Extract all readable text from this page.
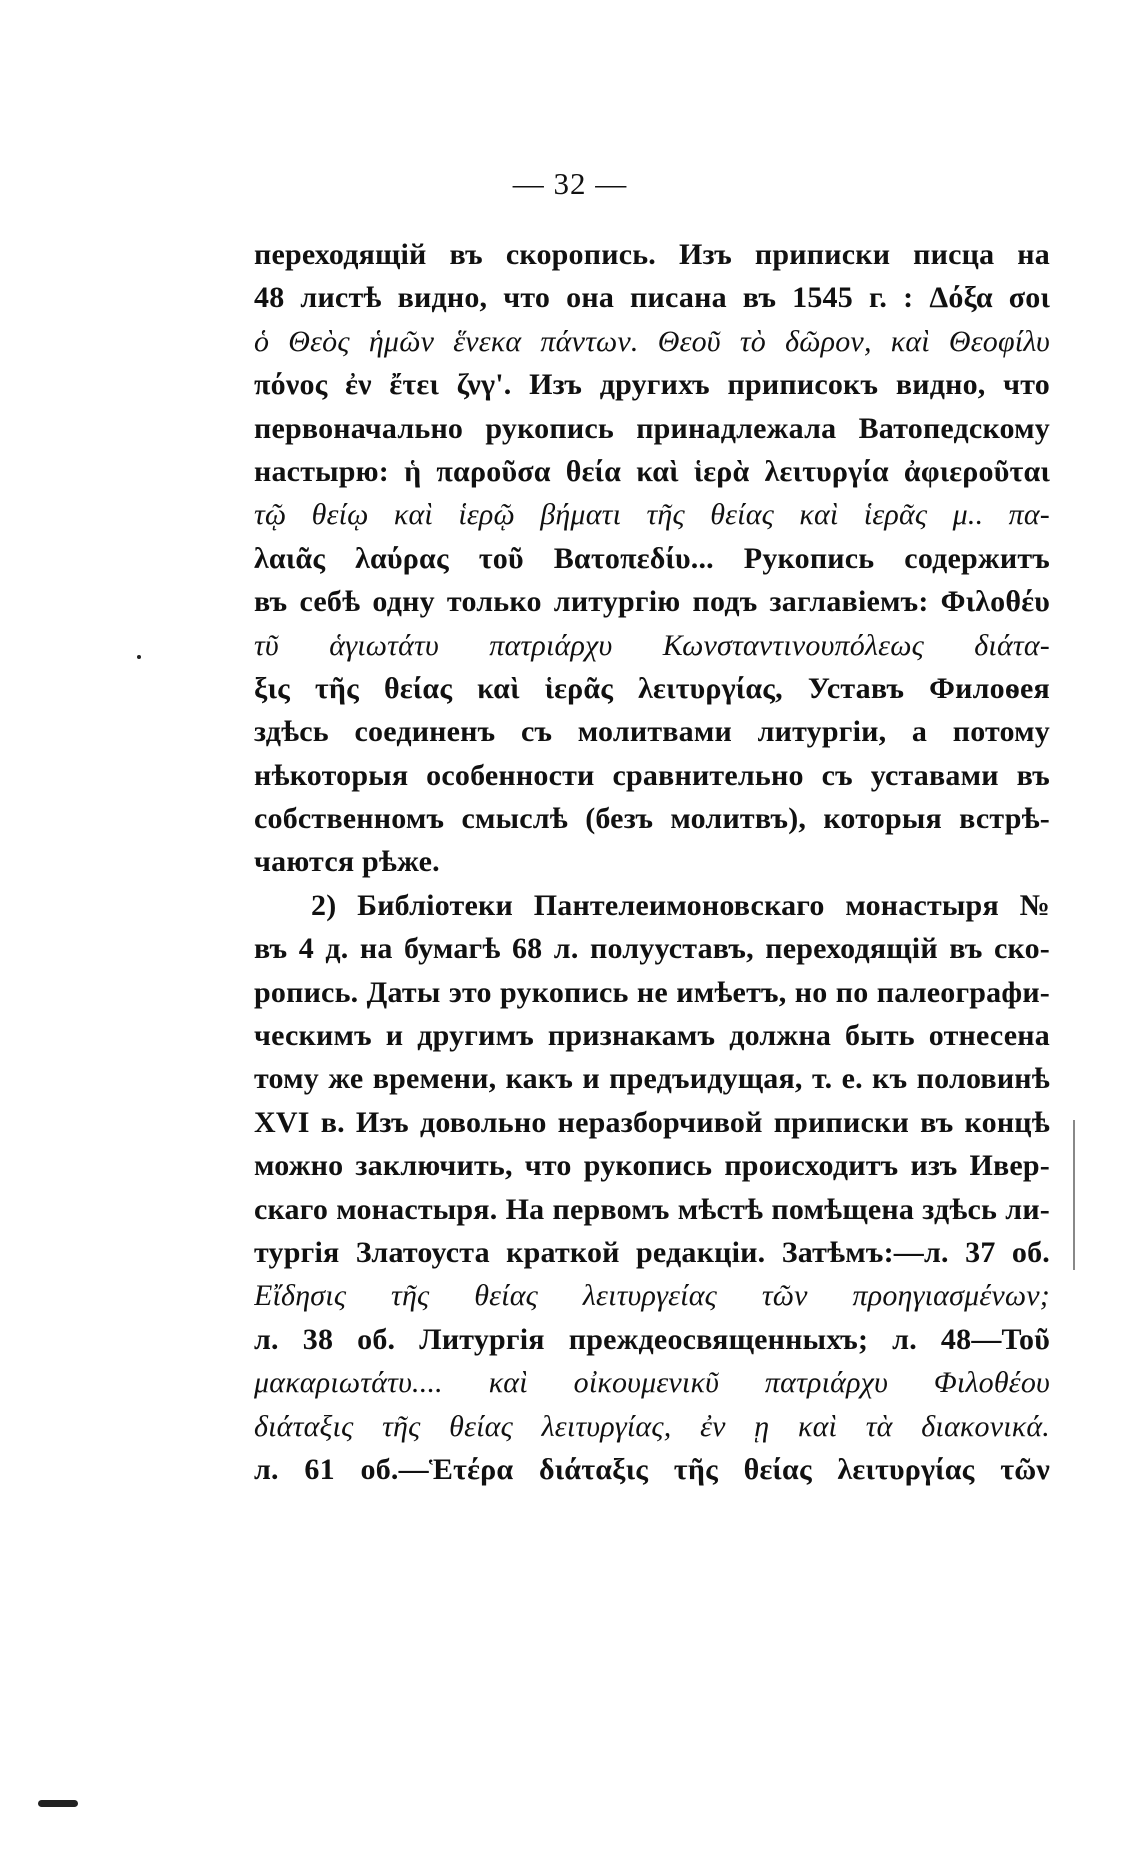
— 32 —
переходящій въ скоропись. Изъ приписки писца на
48 листѣ видно, что она писана въ 1545 г. : Δόξα σοι
ὁ Θεὸς ἡμῶν ἕνεκα πάντων. Θεοῦ τὸ δῶρον, καὶ Θεοφίλυ
πόνος ἐν ἔτει ζνγ'. Изъ другихъ приписокъ видно, что
первоначально рукопись принадлежала Ватопедскому
настырю: ἡ παροῦσα θεία καὶ ἱερὰ λειτυργία ἀφιερoῦται
τῷ θείῳ καὶ ἱερῷ βήματι τῆς θείας καὶ ἱερᾶς μ.. πα-
λαιᾶς λαύρας τοῦ Βατοπεδίυ... Рукопись содержитъ
въ себѣ одну только литургію подъ заглавіемъ: Φιλοθέυ
τῦ ἁγιωτάτυ πατριάρχυ Κωνσταντινουπόλεως διάτα-
ξις τῆς θείας καὶ ἱερᾶς λειτυργίας, Уставъ Филоѳея
здѣсь соединенъ съ молитвами литургіи, а потому
нѣкоторыя особенности сравнительно съ уставами въ
собственномъ смыслѣ (безъ молитвъ), которыя встрѣ-
чаются рѣже.
2) Библіотеки Пантелеимоновскаго монастыря №
въ 4 д. на бумагѣ 68 л. полууставъ, переходящій въ ско-
ропись. Даты это рукопись не имѣетъ, но по палеографи-
ческимъ и другимъ признакамъ должна быть отнесена
тому же времени, какъ и предъидущая, т. е. къ половинѣ
XVI в. Изъ довольно неразборчивой приписки въ концѣ
можно заключить, что рукопись происходитъ изъ Ивер-
скаго монастыря. На первомъ мѣстѣ помѣщена здѣсь ли-
тургія Златоуста краткой редакціи. Затѣмъ:—л. 37 об.
Εἴδησις τῆς θείας λειτυργείας τῶν προηγιασμένων;
л. 38 об. Литургія преждеосвященныхъ; л. 48—Τοῦ
μακαριωτάτυ.... καὶ οἰκουμενικῦ πατριάρχυ Φιλοθέου
διάταξις τῆς θείας λειτυργίας, ἐν ῃ καὶ τὰ διακονικά.
л. 61 об.—Ἑτέρα διάταξις τῆς θείας λειτυργίας τῶν
